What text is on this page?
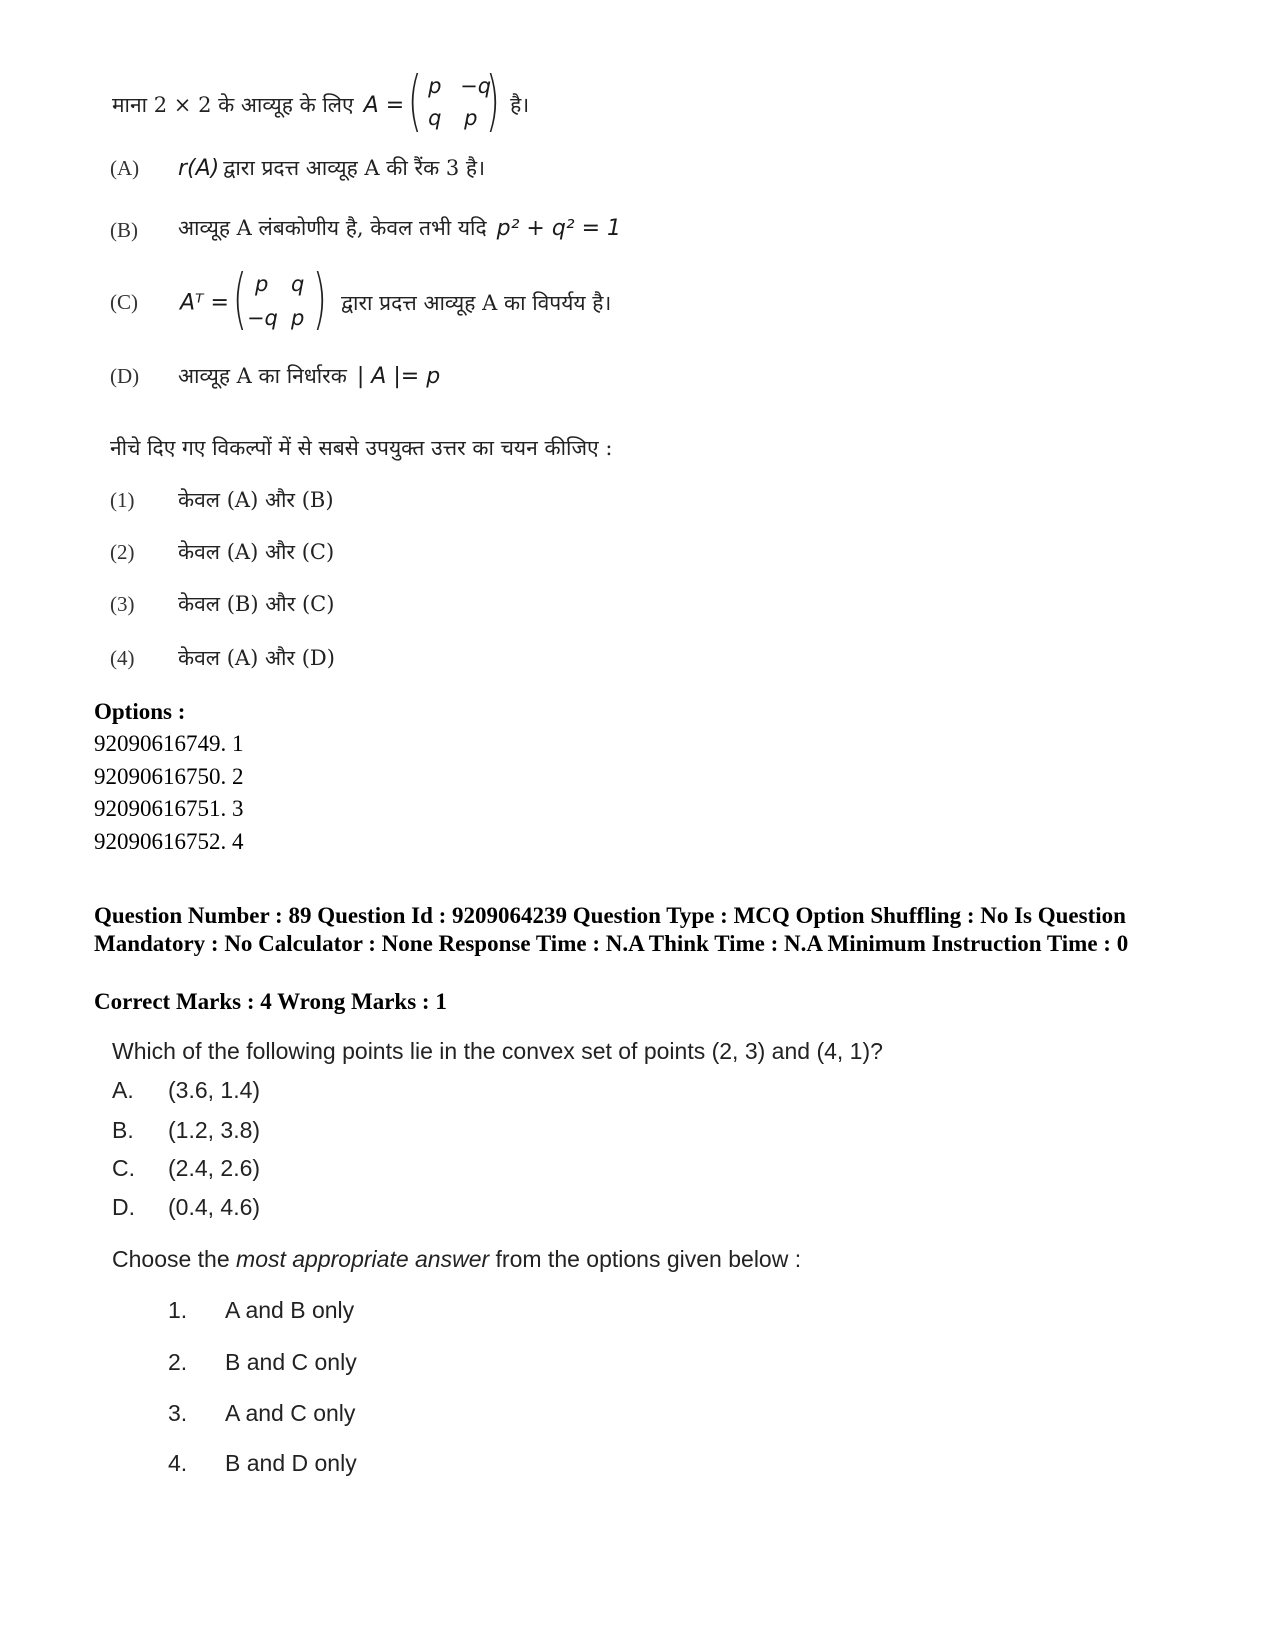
माना 2 × 2 के आव्यूह के लिए A = ( p −q
q p ) है।
(A) r(A) द्वारा प्रदत्त आव्यूह A की रैंक 3 है।
(B) आव्यूह A लंबकोणीय है, केवल तभी यदि p² + q² = 1
(C) Aᵀ = ( p q
−q p ) द्वारा प्रदत्त आव्यूह A का विपर्यय है।
(D) आव्यूह A का निर्धारक | A |= p
नीचे दिए गए विकल्पों में से सबसे उपयुक्त उत्तर का चयन कीजिए :
(1) केवल (A) और (B)
(2) केवल (A) और (C)
(3) केवल (B) और (C)
(4) केवल (A) और (D)
Options :
92090616749. 1
92090616750. 2
92090616751. 3
92090616752. 4
Question Number : 89 Question Id : 9209064239 Question Type : MCQ Option Shuffling : No Is Question Mandatory : No Calculator : None Response Time : N.A Think Time : N.A Minimum Instruction Time : 0
Correct Marks : 4 Wrong Marks : 1
Which of the following points lie in the convex set of points (2, 3) and (4, 1)?
A. (3.6, 1.4)
B. (1.2, 3.8)
C. (2.4, 2.6)
D. (0.4, 4.6)
Choose the most appropriate answer from the options given below :
1. A and B only
2. B and C only
3. A and C only
4. B and D only
